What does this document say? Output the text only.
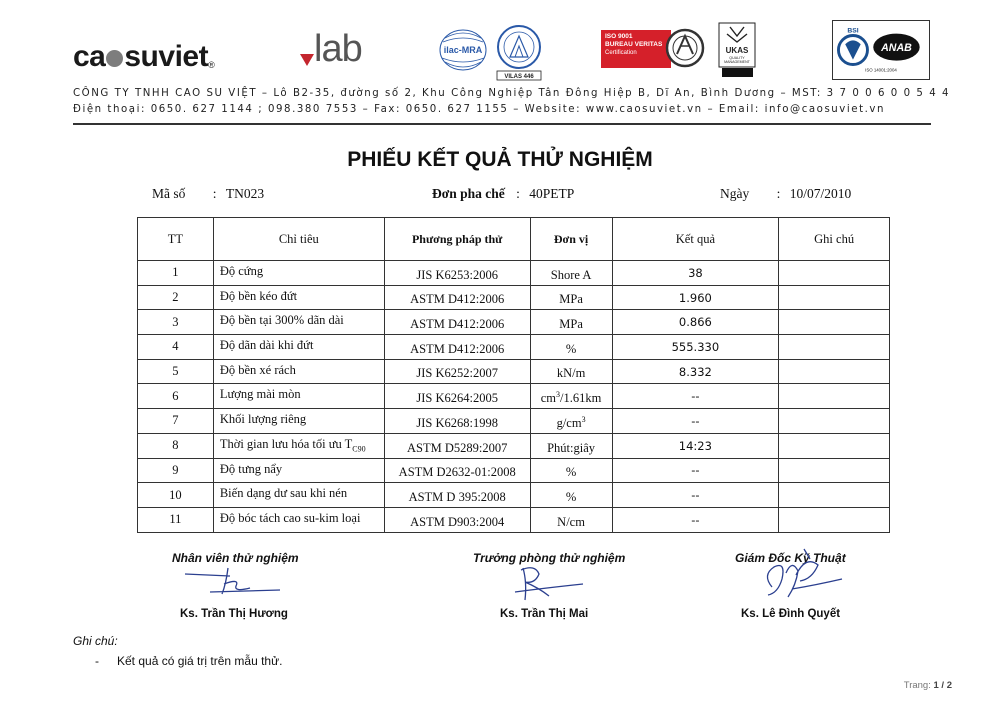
ca suviet®	lab	ilac-MRA
VILAS 446
ISO 9001
BUREAU VERITAS
Certification	UKAS
QUALITY
MANAGEMENT
BSI
ANAB
ISO 14001:2004
CÔNG TY TNHH CAO SU VIỆT – Lô B2-35, đường số 2, Khu Công Nghiệp Tân Đông Hiệp B, Dĩ An, Bình Dương – MST: 3 7 0 0 6 0 0 5 4 4
Điện thoại: 0650. 627 1144 ; 098.380 7553 – Fax: 0650. 627 1155 – Website: www.caosuviet.vn – Email: info@caosuviet.vn
PHIẾU KẾT QUẢ THỬ NGHIỆM
Mã số : TN023	Đơn pha chế : 40PETP	Ngày : 10/07/2010
TT	Chỉ tiêu	Phương pháp thử	Đơn vị	Kết quả	Ghi chú
1	Độ cứng	JIS K6253:2006	Shore A	38	
2	Độ bền kéo đứt	ASTM D412:2006	MPa	1.960	
3	Độ bền tại 300% dãn dài	ASTM D412:2006	MPa	0.866	
4	Độ dãn dài khi đứt	ASTM D412:2006	%	555.330	
5	Độ bền xé rách	JIS K6252:2007	kN/m	8.332	
6	Lượng mài mòn	JIS K6264:2005	$cm^3/1.61km$	--	
7	Khối lượng riêng	JIS K6268:1998	$g/cm^3$	--	
8	Thời gian lưu hóa tối ưu $T_{C90}$	ASTM D5289:2007	Phút:giây	14:23	
9	Độ tưng nẩy	ASTM D2632-01:2008	%	--	
10	Biến dạng dư sau khi nén	ASTM D 395:2008	%	--	
11	Độ bóc tách cao su-kim loại	ASTM D903:2004	N/cm	--	
Nhân viên thử nghiệm	Trưởng phòng thử nghiệm	Giám Đốc Kỹ Thuật
Ks. Trần Thị Hương	Ks. Trần Thị Mai	Ks. Lê Đình Quyết
Ghi chú:
- Kết quả có giá trị trên mẫu thử.
Trang: 1 / 2
